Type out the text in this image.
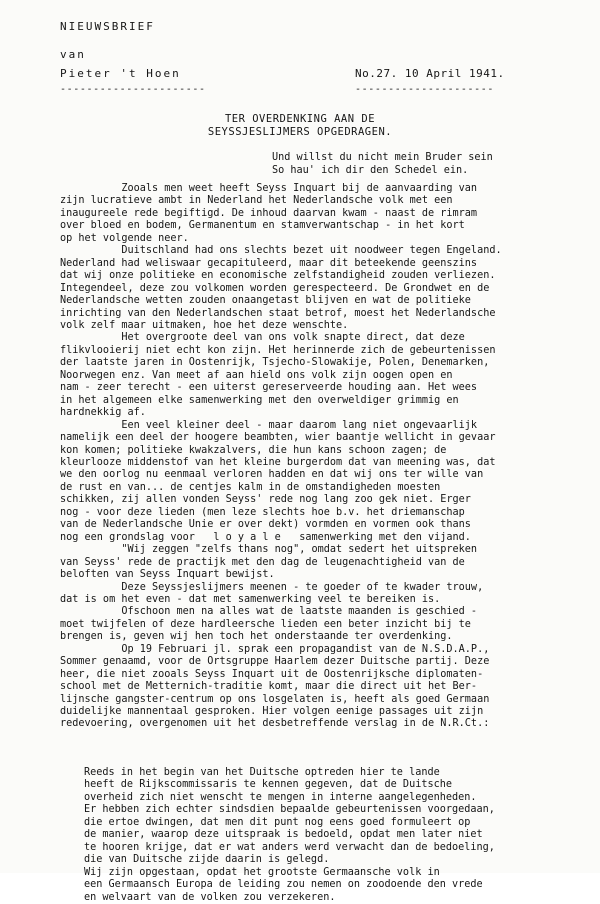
NIEUWSBRIEF
van
Pieter 't Hoen	No.27. 10 April 1941.
----------------------	---------------------
TER OVERDENKING AAN DE
SEYSSJESLIJMERS OPGEDRAGEN.
Und willst du nicht mein Bruder sein
So hau' ich dir den Schedel ein.
Zooals men weet heeft Seyss Inquart bij de aanvaarding van
zijn lucratieve ambt in Nederland het Nederlandsche volk met een
inaugureele rede begiftigd. De inhoud daarvan kwam - naast de rimram
over bloed en bodem, Germanentum en stamverwantschap - in het kort
op het volgende neer.
Duitschland had ons slechts bezet uit noodweer tegen Engeland.
Nederland had weliswaar gecapituleerd, maar dit beteekende geenszins
dat wij onze politieke en economische zelfstandigheid zouden verliezen.
Integendeel, deze zou volkomen worden gerespecteerd. De Grondwet en de
Nederlandsche wetten zouden onaangetast blijven en wat de politieke
inrichting van den Nederlandschen staat betrof, moest het Nederlandsche
volk zelf maar uitmaken, hoe het deze wenschte.
Het overgroote deel van ons volk snapte direct, dat deze
flikvlooierij niet echt kon zijn. Het herinnerde zich de gebeurtenissen
der laatste jaren in Oostenrijk, Tsjecho-Slowakije, Polen, Denemarken,
Noorwegen enz. Van meet af aan hield ons volk zijn oogen open en
nam - zeer terecht - een uiterst gereserveerde houding aan. Het wees
in het algemeen elke samenwerking met den overweldiger grimmig en
hardnekkig af.
Een veel kleiner deel - maar daarom lang niet ongevaarlijk
namelijk een deel der hoogere beambten, wier baantje wellicht in gevaar
kon komen; politieke kwakzalvers, die hun kans schoon zagen; de
kleurlooze middenstof van het kleine burgerdom dat van meening was, dat
we den oorlog nu eenmaal verloren hadden en dat wij ons ter wille van
de rust en van... de centjes kalm in de omstandigheden moesten
schikken, zij allen vonden Seyss' rede nog lang zoo gek niet. Erger
nog - voor deze lieden (men leze slechts hoe b.v. het driemanschap
van de Nederlandsche Unie er over dekt) vormden en vormen ook thans
nog een grondslag voor   l o y a l e   samenwerking met den vijand.
"Wij zeggen "zelfs thans nog", omdat sedert het uitspreken
van Seyss' rede de practijk met den dag de leugenachtigheid van de
beloften van Seyss Inquart bewijst.
Deze Seyssjeslijmers meenen - te goeder of te kwader trouw,
dat is om het even - dat met samenwerking veel te bereiken is.
Ofschoon men na alles wat de laatste maanden is geschied -
moet twijfelen of deze hardleersche lieden een beter inzicht bij te
brengen is, geven wij hen toch het onderstaande ter overdenking.
Op 19 Februari jl. sprak een propagandist van de N.S.D.A.P.,
Sommer genaamd, voor de Ortsgruppe Haarlem dezer Duitsche partij. Deze
heer, die niet zooals Seyss Inquart uit de Oostenrijksche diplomaten-
school met de Metternich-traditie komt, maar die direct uit het Ber-
lijnsche gangster-centrum op ons losgelaten is, heeft als goed Germaan
duidelijke mannentaal gesproken. Hier volgen eenige passages uit zijn
redevoering, overgenomen uit het desbetreffende verslag in de N.R.Ct.:
Reeds in het begin van het Duitsche optreden hier te lande
heeft de Rijkscommissaris te kennen gegeven, dat de Duitsche
overheid zich niet wenscht te mengen in interne aangelegenheden.
Er hebben zich echter sindsdien bepaalde gebeurtenissen voorgedaan,
die ertoe dwingen, dat men dit punt nog eens goed formuleert op
de manier, waarop deze uitspraak is bedoeld, opdat men later niet
te hooren krijge, dat er wat anders werd verwacht dan de bedoeling,
die van Duitsche zijde daarin is gelegd.
Wij zijn opgestaan, opdat het grootste Germaansche volk in
een Germaansch Europa de leiding zou nemen on zoodoende den vrede
en welvaart van de volken zou verzekeren.
